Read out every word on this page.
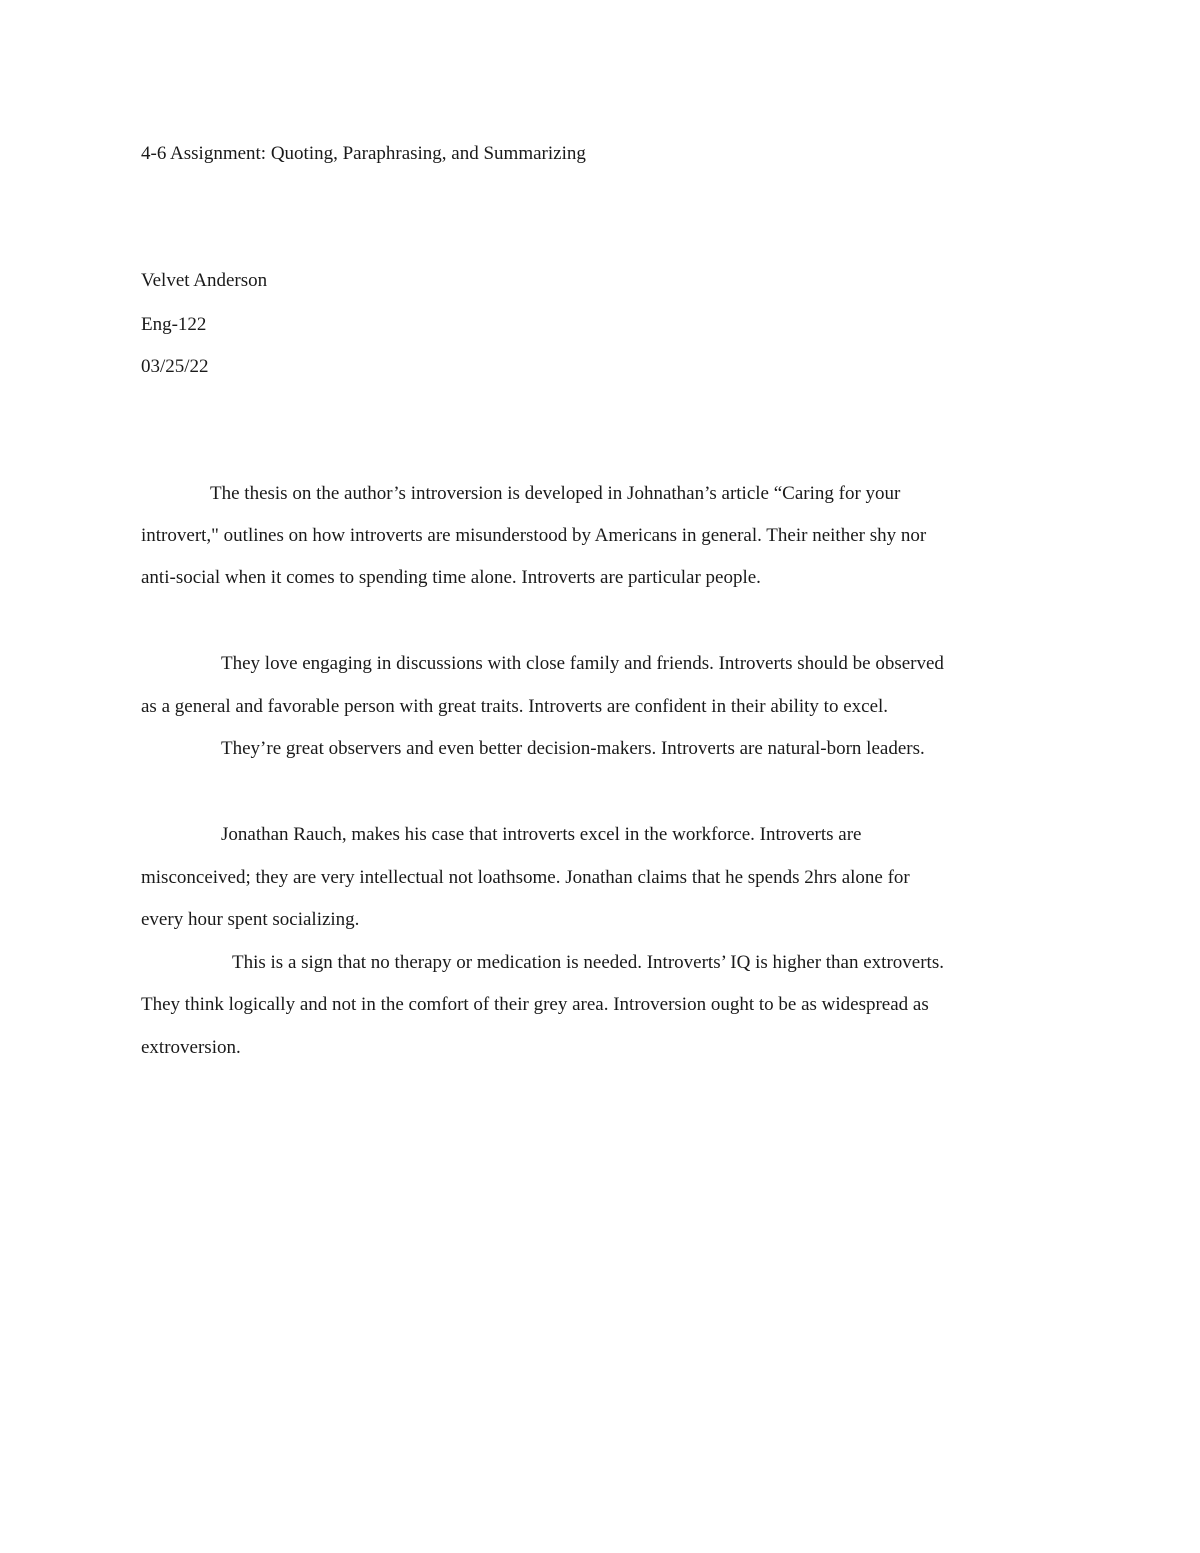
4-6 Assignment: Quoting, Paraphrasing, and Summarizing

Velvet Anderson

Eng-122

03/25/22

The thesis on the author’s introversion is developed in Johnathan’s article “Caring for your

introvert," outlines on how introverts are misunderstood by Americans in general. Their neither shy nor

anti-social when it comes to spending time alone. Introverts are particular people.

They love engaging in discussions with close family and friends. Introverts should be observed

as a general and favorable person with great traits. Introverts are confident in their ability to excel.

They’re great observers and even better decision-makers. Introverts are natural-born leaders.

Jonathan Rauch, makes his case that introverts excel in the workforce. Introverts are

misconceived; they are very intellectual not loathsome. Jonathan claims that he spends 2hrs alone for

every hour spent socializing.

This is a sign that no therapy or medication is needed. Introverts’ IQ is higher than extroverts.

They think logically and not in the comfort of their grey area. Introversion ought to be as widespread as

extroversion.
